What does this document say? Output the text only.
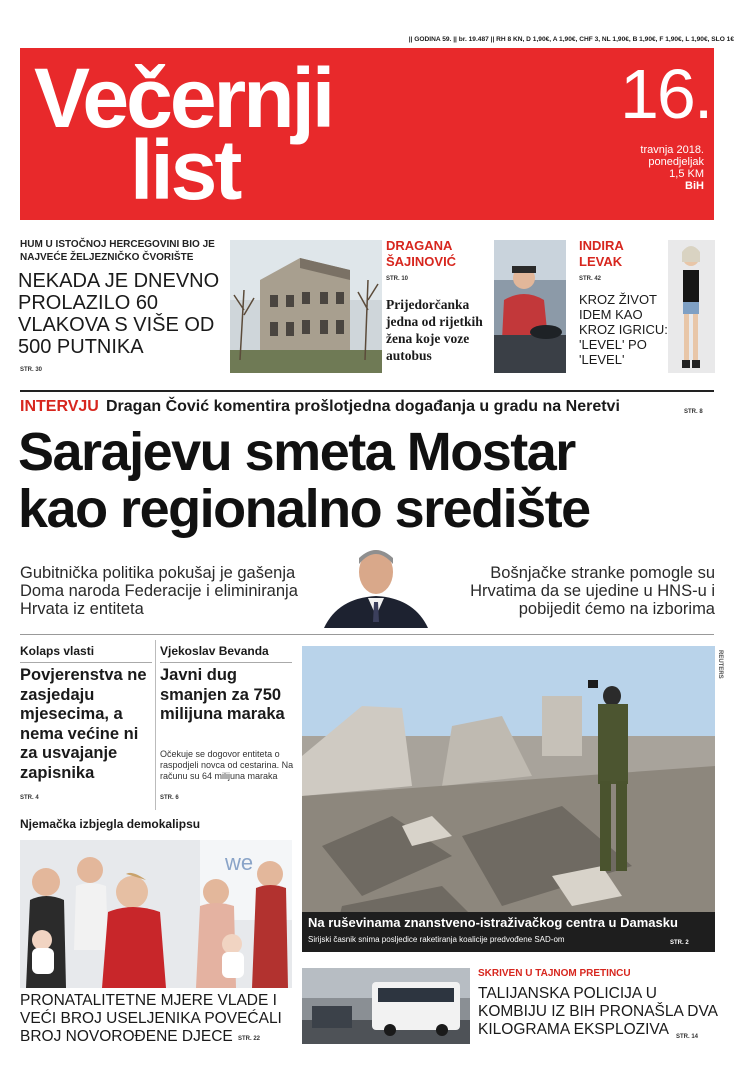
|| GODINA 59. || br. 19.487 || RH 8 KN, D 1,90€, A 1,90€, CHF 3, NL 1,90€, B 1,90€, F 1,90€, L 1,90€, SLO 1€
Večernji
list
16.
travnja 2018.
ponedjeljak
1,5 KM
BiH
HUM U ISTOČNOJ HERCEGOVINI BIO JE NAJVEĆE ŽELJEZNIČKO ČVORIŠTE
NEKADA JE DNEVNO PROLAZILO 60 VLAKOVA S VIŠE OD 500 PUTNIKA
STR. 30
DRAGANA
ŠAJINOVIĆ
STR. 10
Prijedorčanka jedna od rijetkih žena koje voze autobus
INDIRA
LEVAK
STR. 42
KROZ ŽIVOT IDEM KAO KROZ IGRICU: 'LEVEL' PO 'LEVEL'
INTERVJU Dragan Čović komentira prošlotjedna događanja u gradu na Neretvi	STR. 8
Sarajevu smeta Mostar
kao regionalno središte
Gubitnička politika pokušaj je gašenja Doma naroda Federacije i eliminiranja Hrvata iz entiteta
Bošnjačke stranke pomogle su Hrvatima da se ujedine u HNS-u i pobijedit ćemo na izborima
Kolaps vlasti
Povjerenstva ne zasjedaju mjesecima, a nema većine ni za usvajanje zapisnika
STR. 4
Vjekoslav Bevanda
Javni dug smanjen za 750 milijuna maraka
Očekuje se dogovor entiteta o raspodjeli novca od cestarina. Na računu su 64 milijuna maraka
STR. 6
REUTERS
Na ruševinama znanstveno-istraživačkog centra u Damasku
Sirijski časnik snima posljedice raketiranja koalicije predvođene SAD-om	STR. 2
Njemačka izbjegla demokalipsu
we
PRONATALITETNE MJERE VLADE I VEĆI BROJ USELJENIKA POVEĆALI BROJ NOVOROĐENE DJECE STR. 22
SKRIVEN U TAJNOM PRETINCU
TALIJANSKA POLICIJA U KOMBIJU IZ BIH PRONAŠLA DVA KILOGRAMA EKSPLOZIVA	STR. 14
